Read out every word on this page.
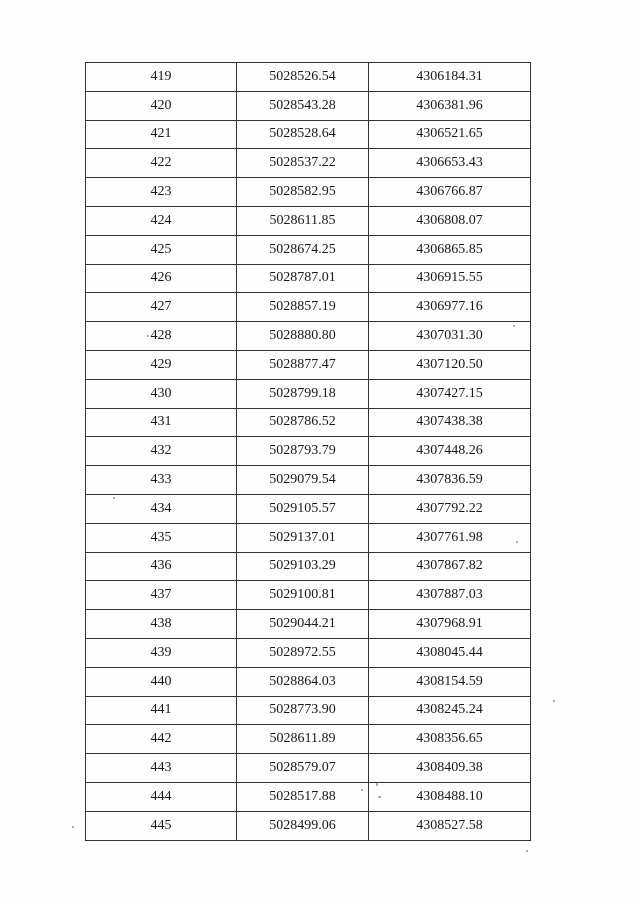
419	5028526.54	4306184.31
420	5028543.28	4306381.96
421	5028528.64	4306521.65
422	5028537.22	4306653.43
423	5028582.95	4306766.87
424	5028611.85	4306808.07
425	5028674.25	4306865.85
426	5028787.01	4306915.55
427	5028857.19	4306977.16
428	5028880.80	4307031.30
429	5028877.47	4307120.50
430	5028799.18	4307427.15
431	5028786.52	4307438.38
432	5028793.79	4307448.26
433	5029079.54	4307836.59
434	5029105.57	4307792.22
435	5029137.01	4307761.98
436	5029103.29	4307867.82
437	5029100.81	4307887.03
438	5029044.21	4307968.91
439	5028972.55	4308045.44
440	5028864.03	4308154.59
441	5028773.90	4308245.24
442	5028611.89	4308356.65
443	5028579.07	4308409.38
444	5028517.88	4308488.10
445	5028499.06	4308527.58
